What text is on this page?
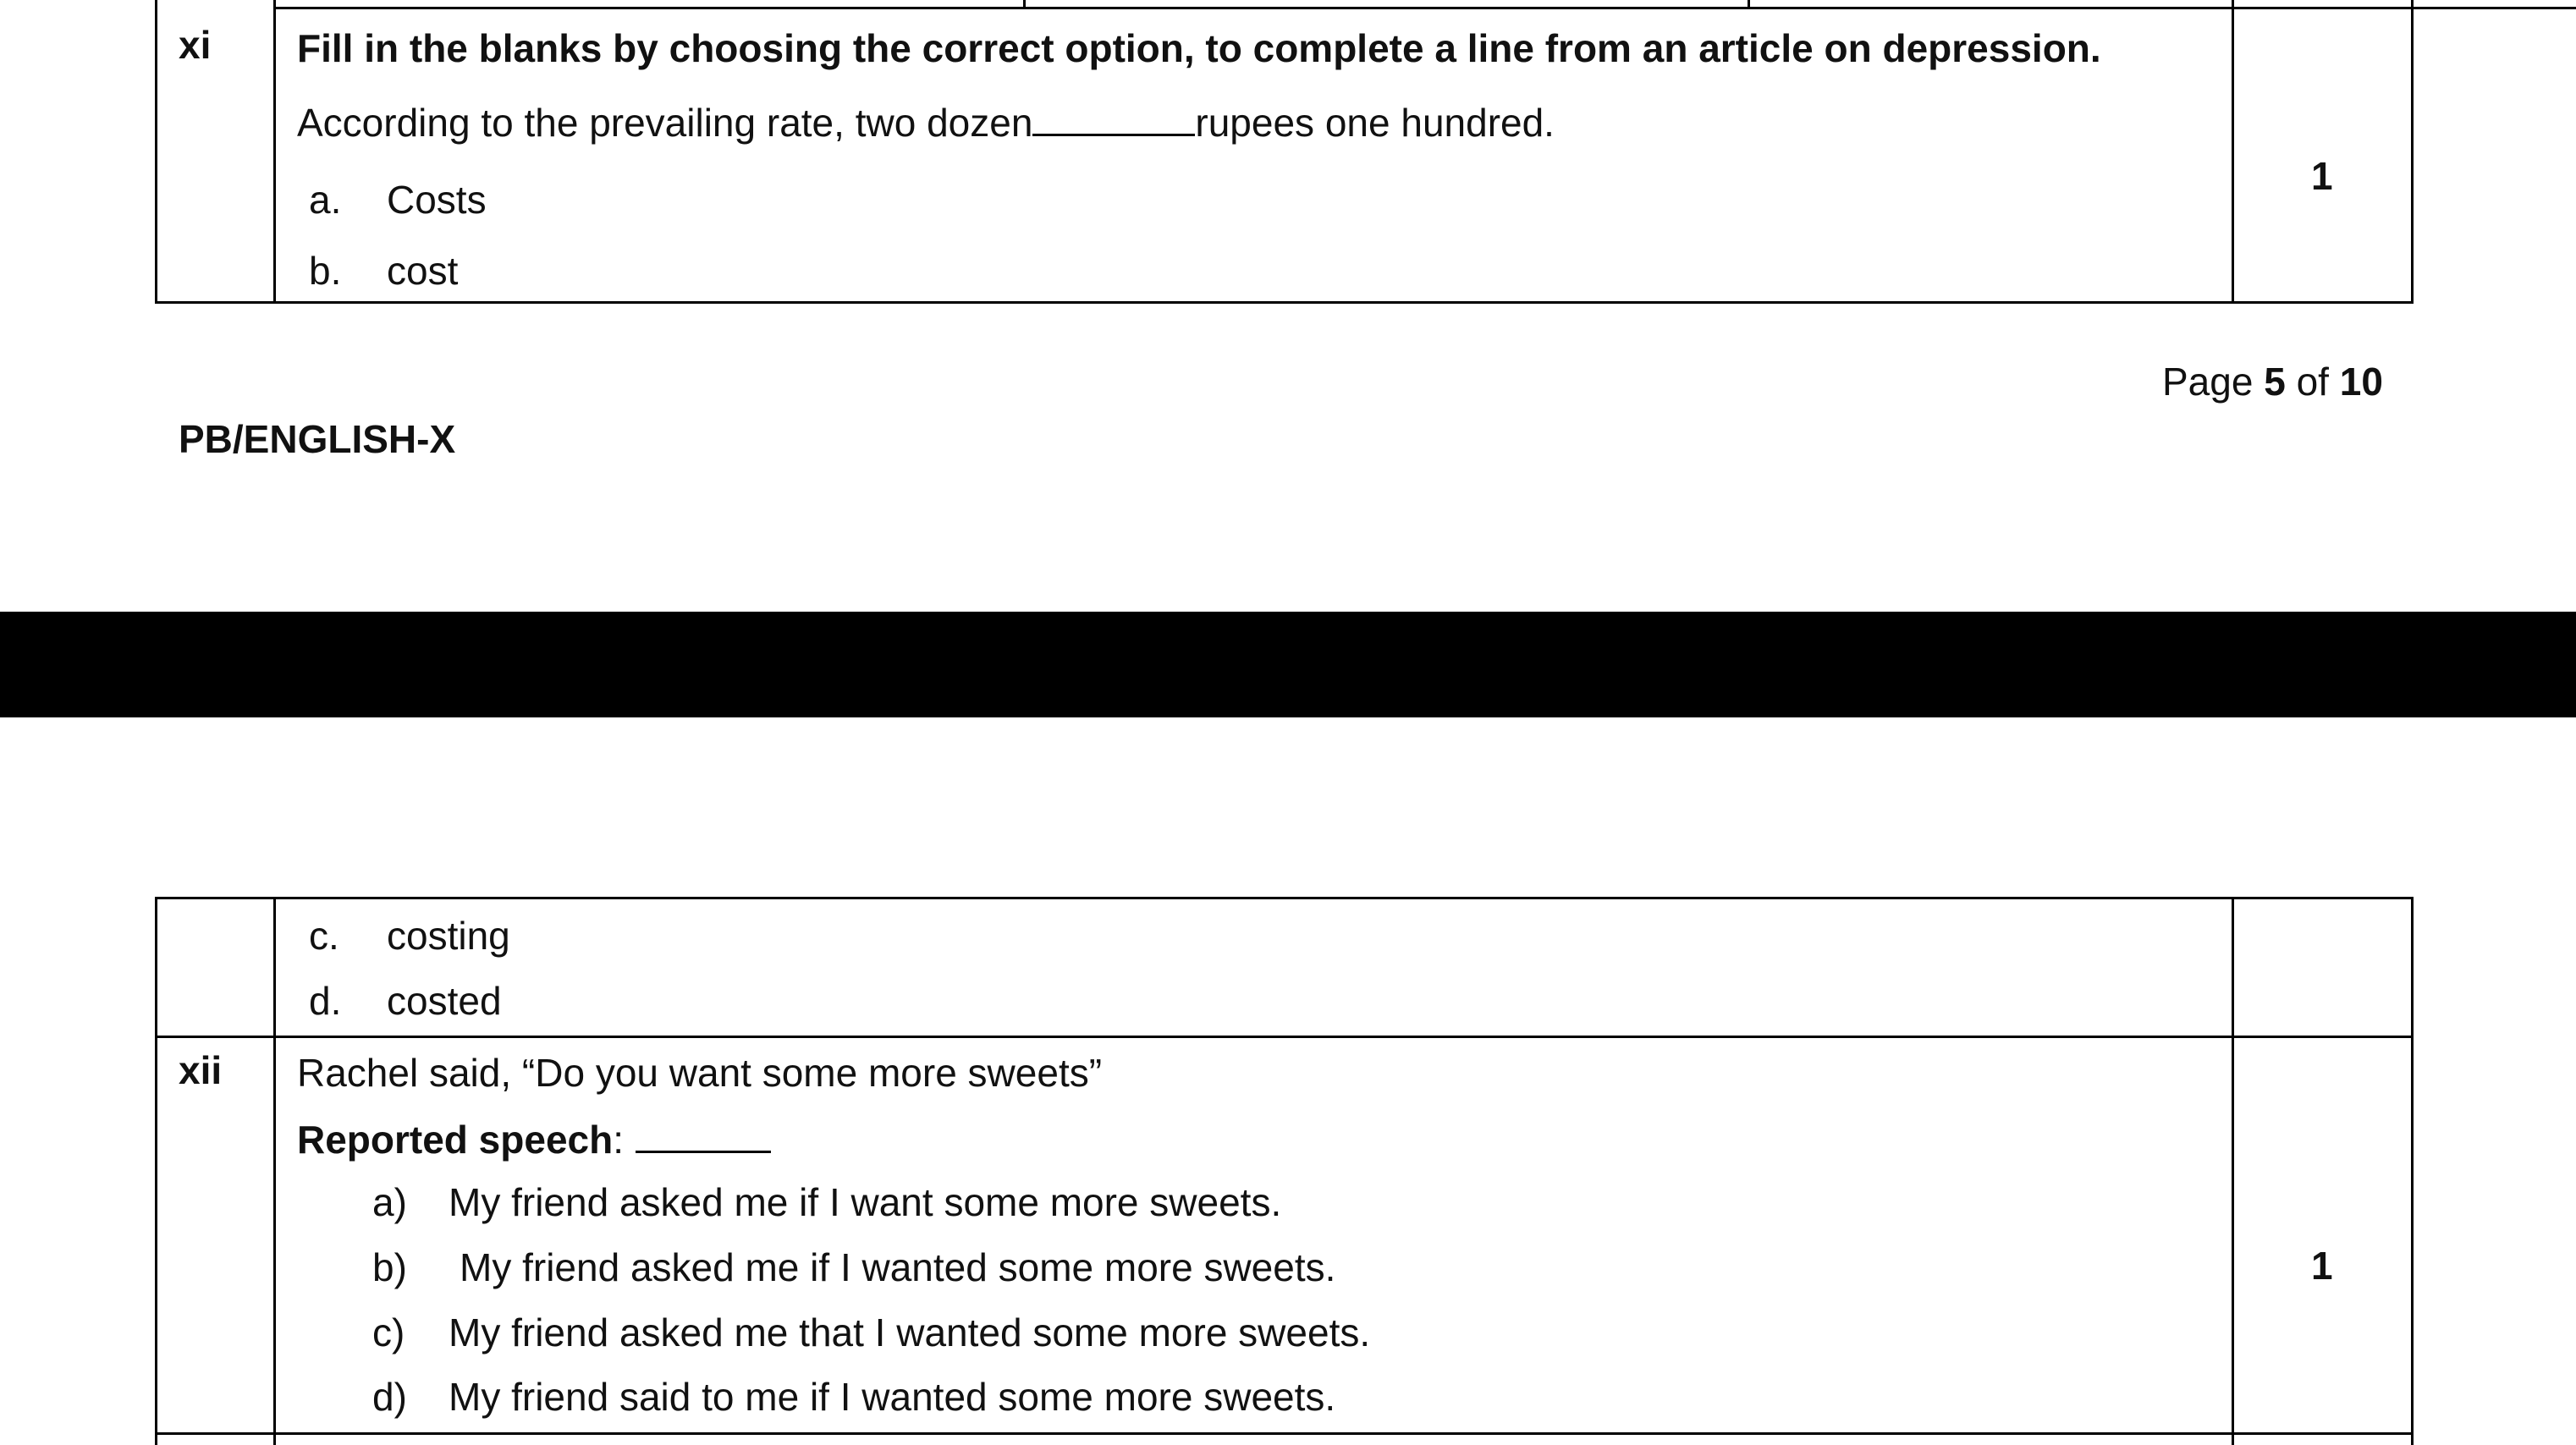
xi Fill in the blanks by choosing the correct option, to complete a line from an article on depression.
According to the prevailing rate, two dozen	rupees one hundred.
a. Costs
b. cost
1
Page 5 of 10
PB/ENGLISH-X
c. costing
d. costed
xii Rachel said, “Do you want some more sweets”
Reported speech:
a) My friend asked me if I want some more sweets.
b) My friend asked me if I wanted some more sweets.
c) My friend asked me that I wanted some more sweets.
d) My friend said to me if I wanted some more sweets.
1
